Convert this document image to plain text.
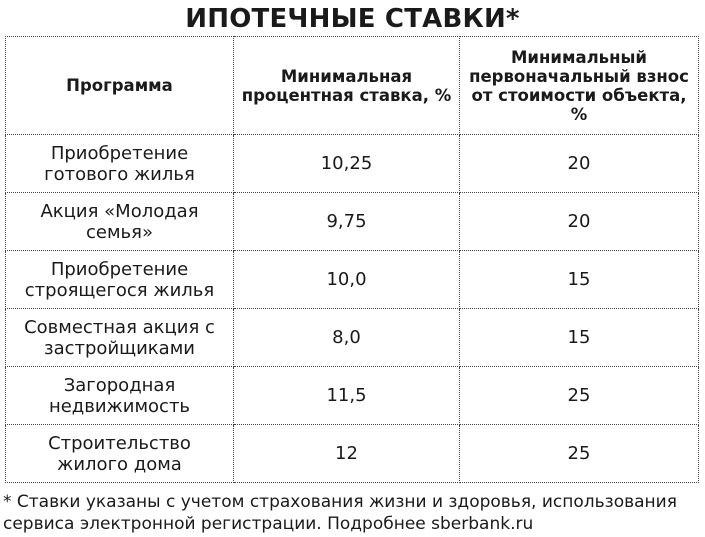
ИПОТЕЧНЫЕ СТАВКИ*
Программа	Минимальная процентная ставка, %	Минимальный первоначальный взнос от стоимости объекта, %
Приобретение готового жилья	10,25	20
Акция «Молодая семья»	9,75	20
Приобретение строящегося жилья	10,0	15
Совместная акция с застройщиками	8,0	15
Загородная недвижимость	11,5	25
Строительство жилого дома	12	25
* Ставки указаны с учетом страхования жизни и здоровья, использования сервиса электронной регистрации. Подробнее sberbank.ru
